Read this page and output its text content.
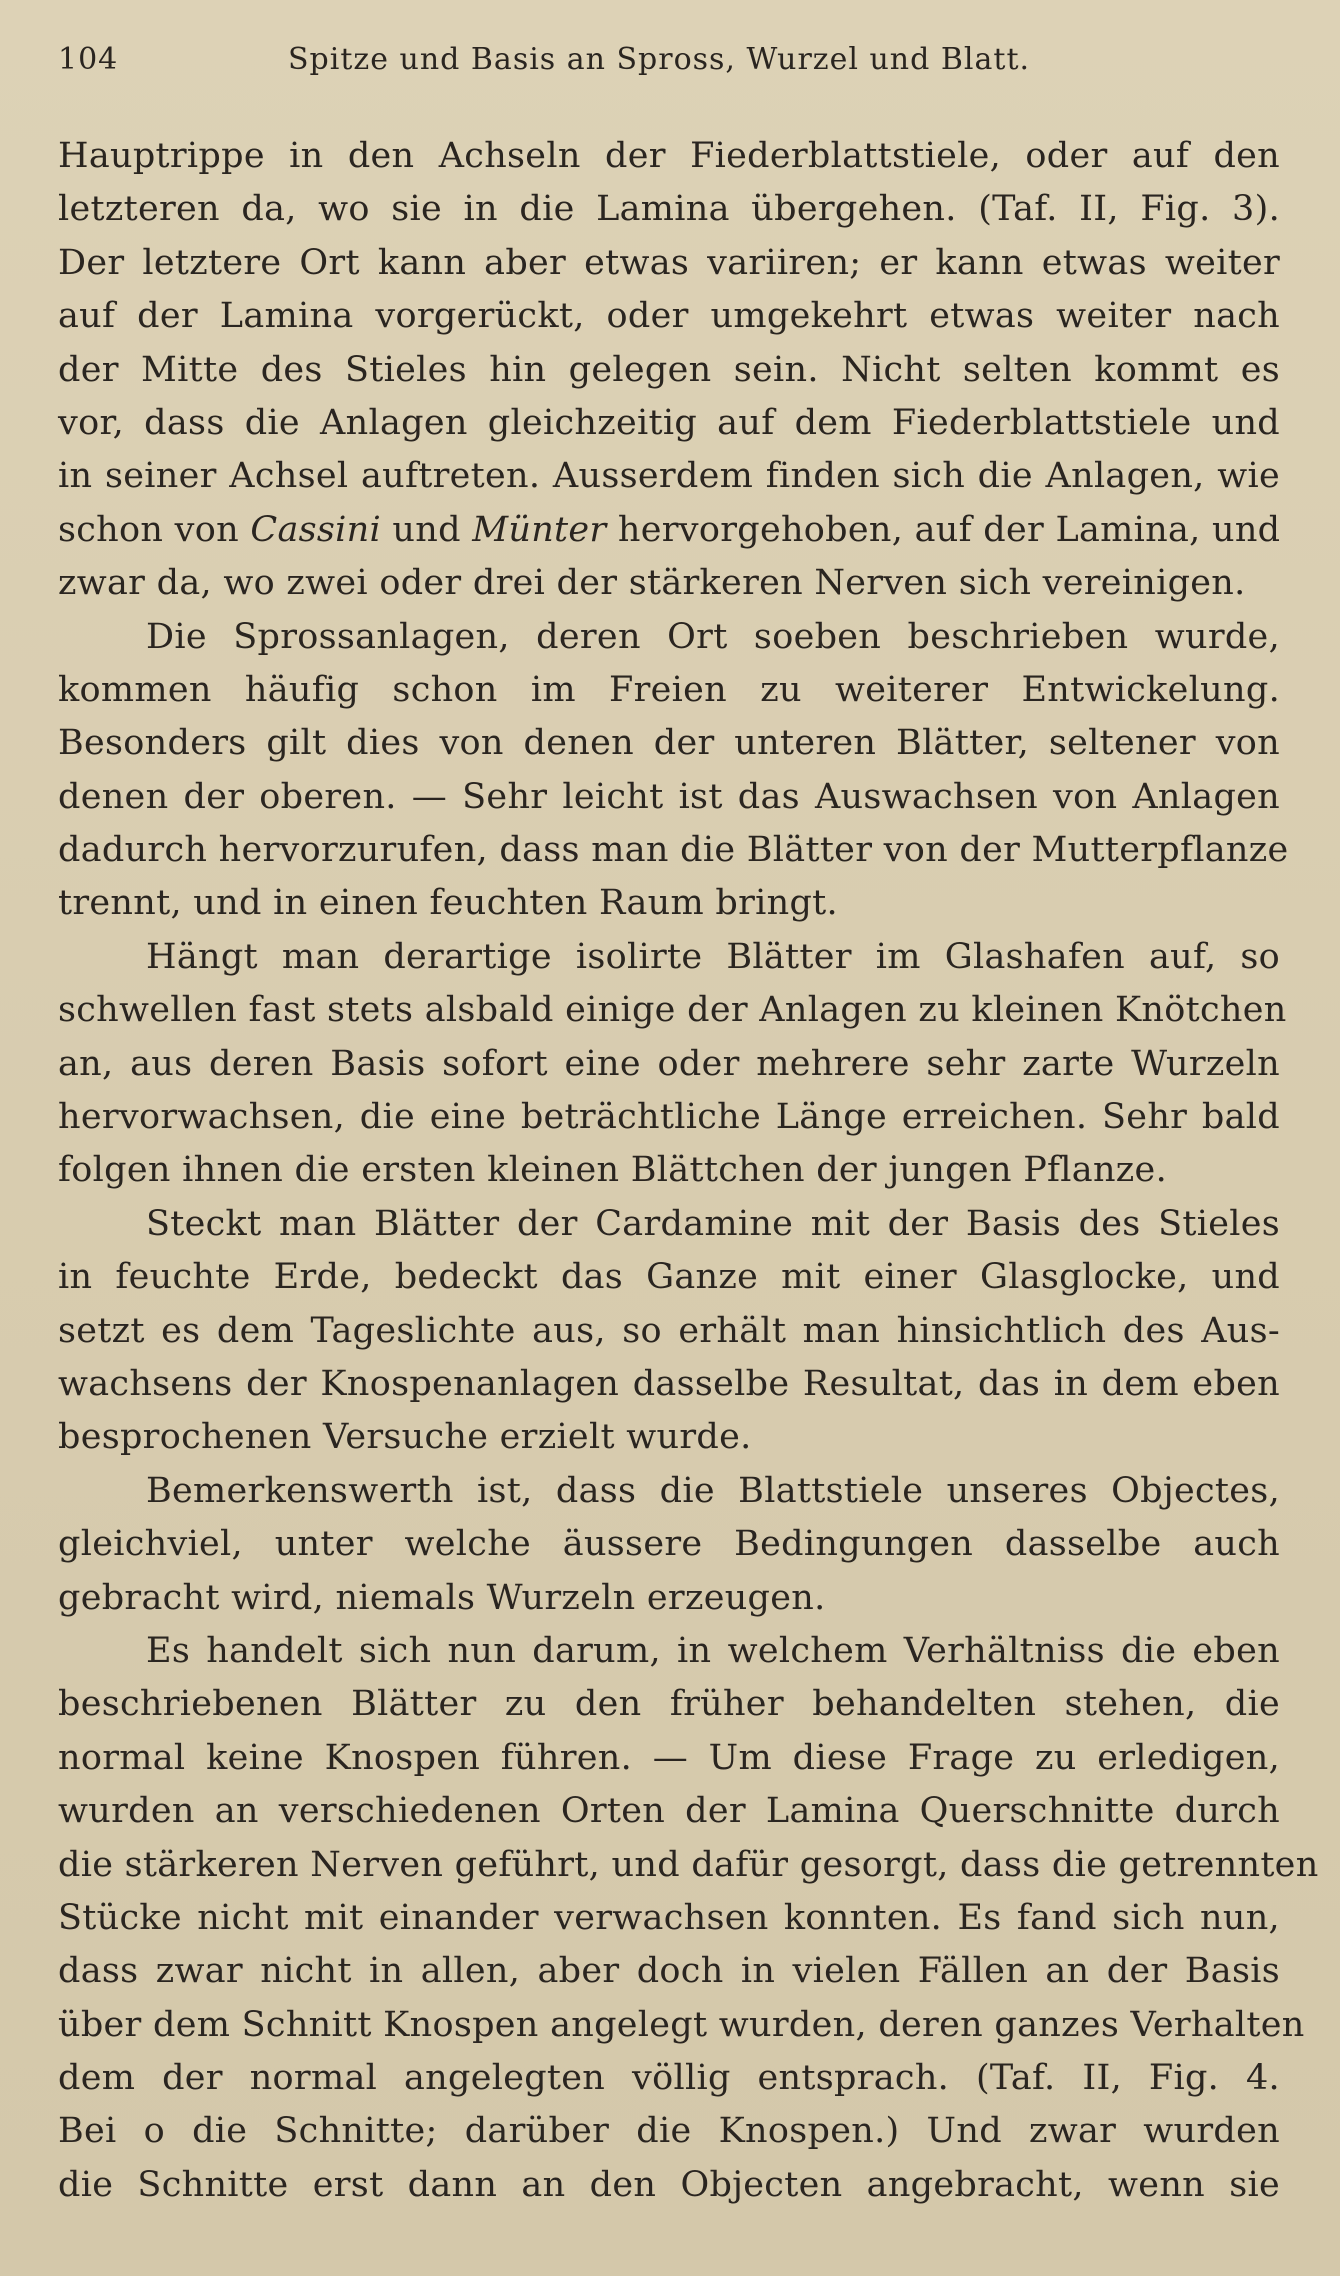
104	Spitze und Basis an Spross, Wurzel und Blatt.
Hauptrippe in den Achseln der Fiederblattstiele, oder auf den
letzteren da, wo sie in die Lamina übergehen. (Taf. II, Fig. 3).
Der letztere Ort kann aber etwas variiren; er kann etwas weiter
auf der Lamina vorgerückt, oder umgekehrt etwas weiter nach
der Mitte des Stieles hin gelegen sein. Nicht selten kommt es
vor, dass die Anlagen gleichzeitig auf dem Fiederblattstiele und
in seiner Achsel auftreten. Ausserdem finden sich die Anlagen, wie
schon von Cassini und Münter hervorgehoben, auf der Lamina, und
zwar da, wo zwei oder drei der stärkeren Nerven sich vereinigen.
Die Sprossanlagen, deren Ort soeben beschrieben wurde,
kommen häufig schon im Freien zu weiterer Entwickelung.
Besonders gilt dies von denen der unteren Blätter, seltener von
denen der oberen. — Sehr leicht ist das Auswachsen von Anlagen
dadurch hervorzurufen, dass man die Blätter von der Mutterpflanze
trennt, und in einen feuchten Raum bringt.
Hängt man derartige isolirte Blätter im Glashafen auf, so
schwellen fast stets alsbald einige der Anlagen zu kleinen Knötchen
an, aus deren Basis sofort eine oder mehrere sehr zarte Wurzeln
hervorwachsen, die eine beträchtliche Länge erreichen. Sehr bald
folgen ihnen die ersten kleinen Blättchen der jungen Pflanze.
Steckt man Blätter der Cardamine mit der Basis des Stieles
in feuchte Erde, bedeckt das Ganze mit einer Glasglocke, und
setzt es dem Tageslichte aus, so erhält man hinsichtlich des Aus-
wachsens der Knospenanlagen dasselbe Resultat, das in dem eben
besprochenen Versuche erzielt wurde.
Bemerkenswerth ist, dass die Blattstiele unseres Objectes,
gleichviel, unter welche äussere Bedingungen dasselbe auch
gebracht wird, niemals Wurzeln erzeugen.
Es handelt sich nun darum, in welchem Verhältniss die eben
beschriebenen Blätter zu den früher behandelten stehen, die
normal keine Knospen führen. — Um diese Frage zu erledigen,
wurden an verschiedenen Orten der Lamina Querschnitte durch
die stärkeren Nerven geführt, und dafür gesorgt, dass die getrennten
Stücke nicht mit einander verwachsen konnten. Es fand sich nun,
dass zwar nicht in allen, aber doch in vielen Fällen an der Basis
über dem Schnitt Knospen angelegt wurden, deren ganzes Verhalten
dem der normal angelegten völlig entsprach. (Taf. II, Fig. 4.
Bei o die Schnitte; darüber die Knospen.) Und zwar wurden
die Schnitte erst dann an den Objecten angebracht, wenn sie
